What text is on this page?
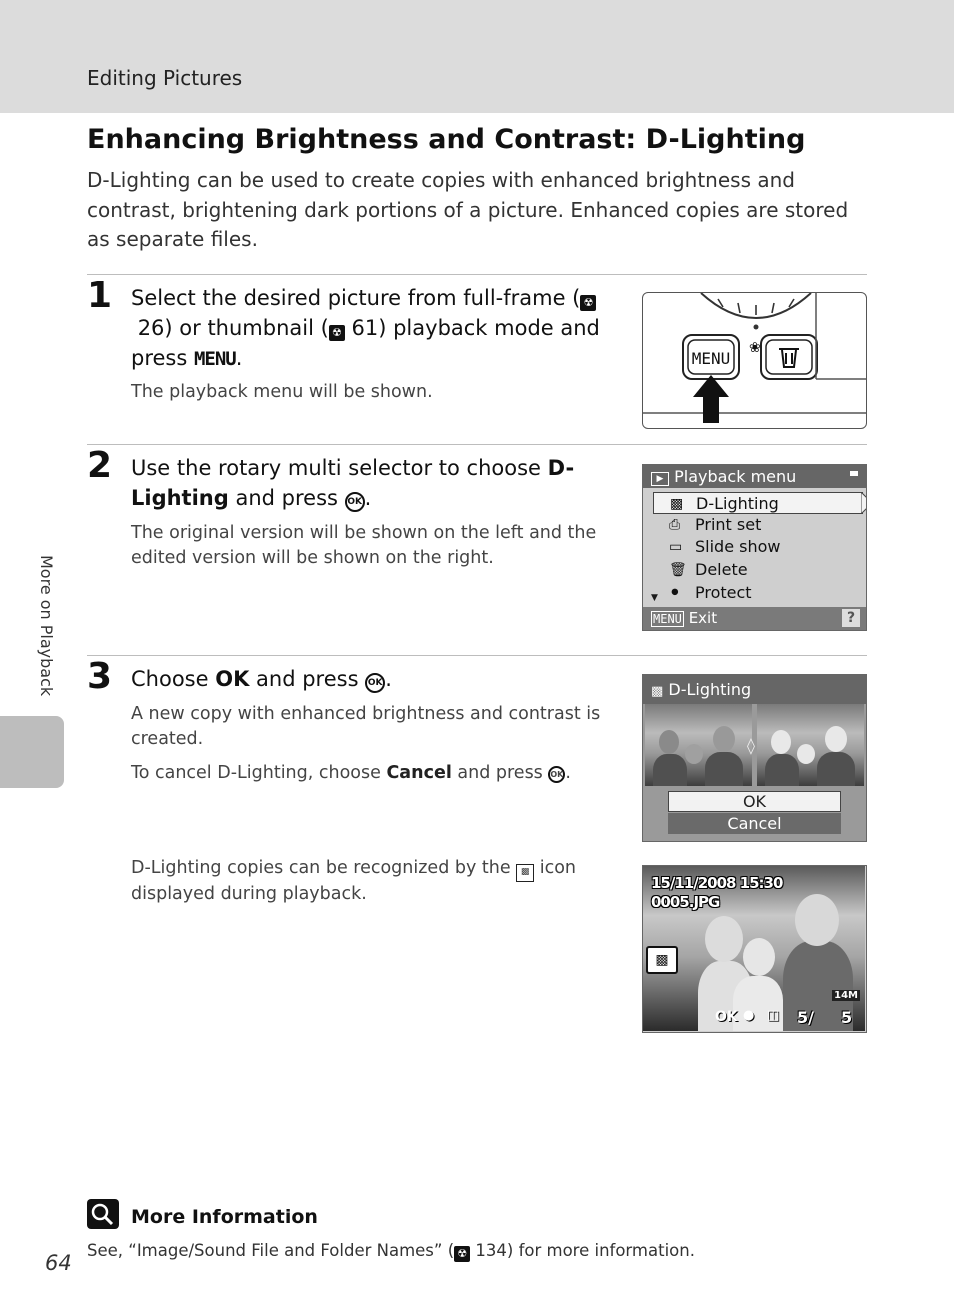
Editing Pictures
Enhancing Brightness and Contrast: D-Lighting

D-Lighting can be used to create copies with enhanced brightness and contrast, brightening dark portions of a picture. Enhanced copies are stored as separate files.

1 Select the desired picture from full-frame ( ☢ 26) or thumbnail ( ☢ 61) playback mode and press MENU.
The playback menu will be shown.
MENU
❀
2 Use the rotary multi selector to choose D-Lighting and press OK .
The original version will be shown on the left and the edited version will be shown on the right.
▶ Playback menu
▩ D-Lighting
⎙ Print set
▭ Slide show
🗑 Delete
⚫ Protect
▼
MENU Exit	?
3 Choose OK and press OK .
A new copy with enhanced brightness and contrast is created.
To cancel D-Lighting, choose Cancel and press OK .
▩ D-Lighting
◊
OK
Cancel
D-Lighting copies can be recognized by the ▩ icon displayed during playback.
15/11/2008 15:30
0005.JPG
▩
14M
OK ● ◫ 5/ 5
More on Playback
More Information
See, “Image/Sound File and Folder Names” ( ☢ 134) for more information.
64
